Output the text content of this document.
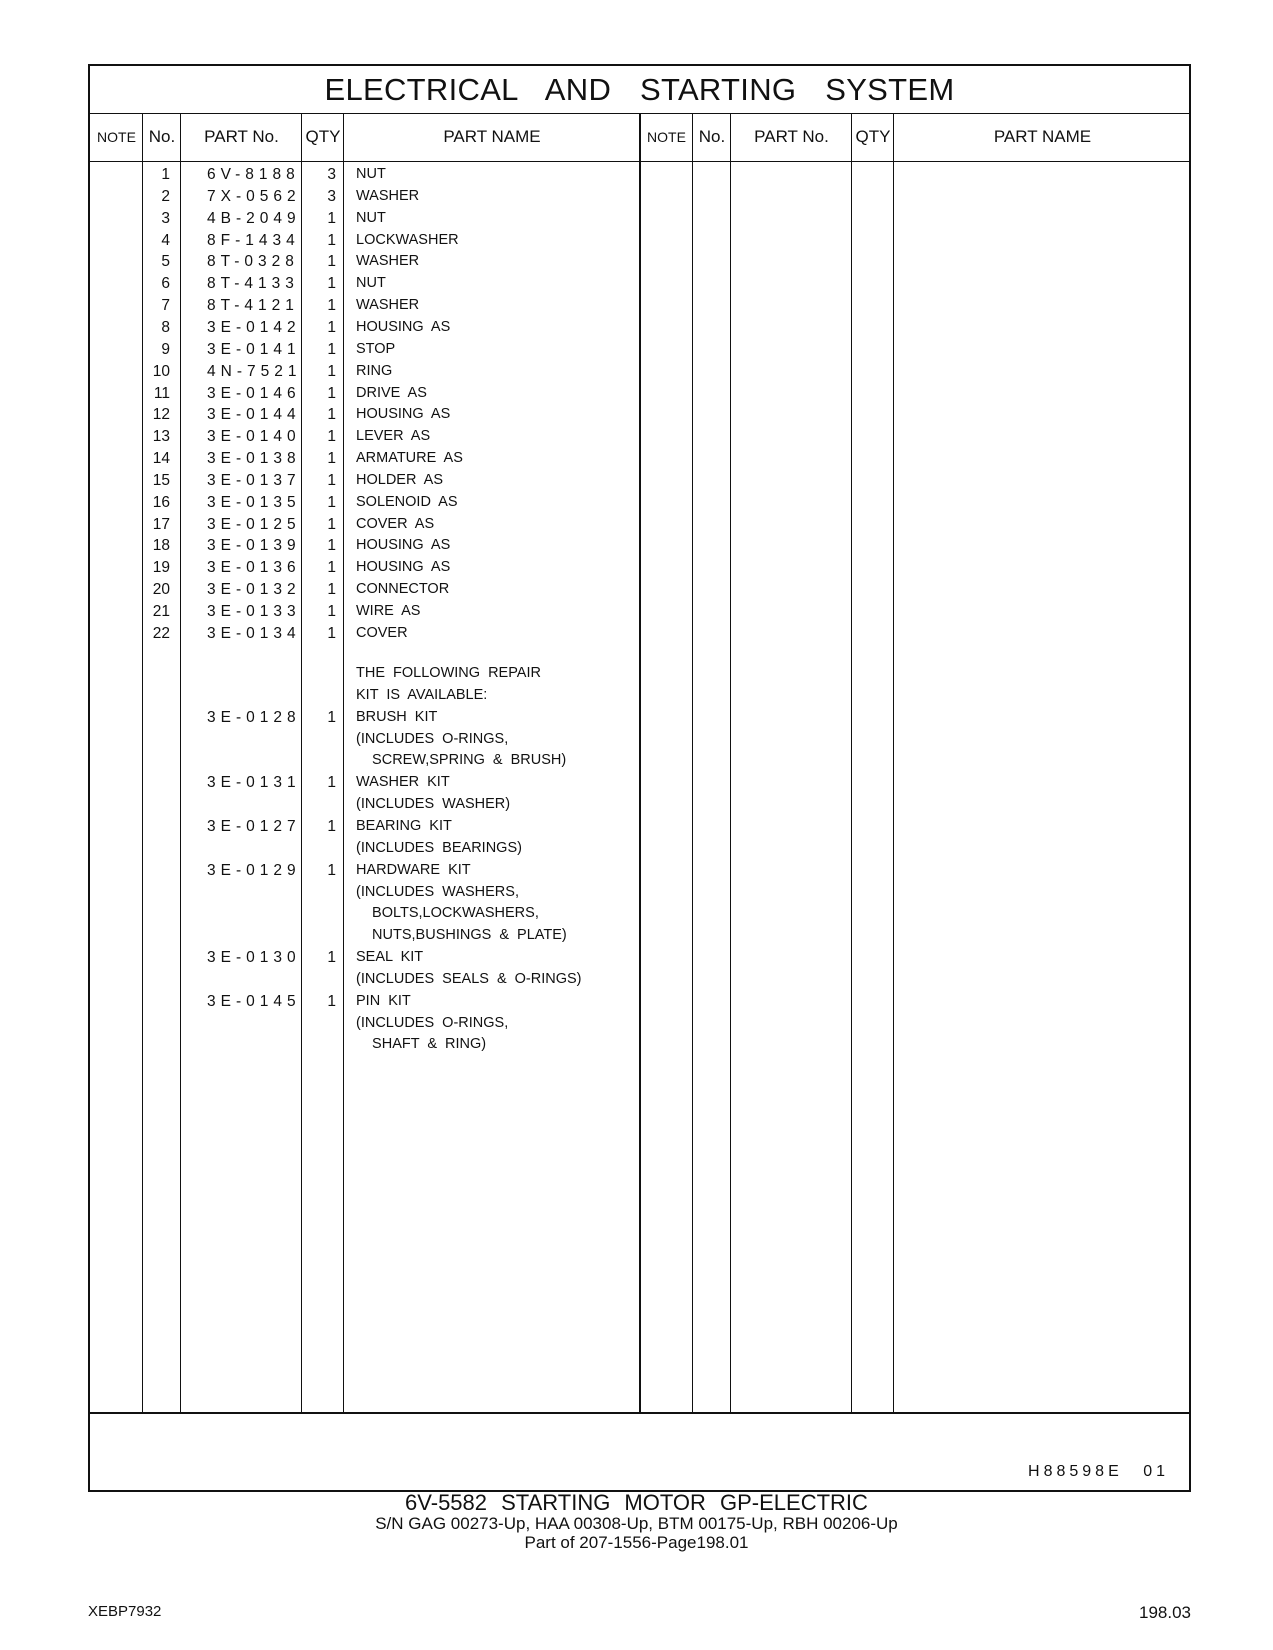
ELECTRICAL AND STARTING SYSTEM
NOTE No.	PART No.	QTY	PART NAME	NOTE No.	PART No.	QTY	PART NAME
H88598E 01
1 6V-8188	3 NUT
2 7X-0562	3 WASHER
3 4B-2049	1 NUT
4 8F-1434	1 LOCKWASHER
5 8T-0328	1 WASHER
6 8T-4133	1 NUT
7 8T-4121	1 WASHER
8 3E-0142	1 HOUSING AS
9 3E-0141	1 STOP
10 4N-7521	1 RING
11 3E-0146	1 DRIVE AS
12 3E-0144	1 HOUSING AS
13 3E-0140	1 LEVER AS
14 3E-0138	1 ARMATURE AS
15 3E-0137	1 HOLDER AS
16 3E-0135	1 SOLENOID AS
17 3E-0125	1 COVER AS
18 3E-0139	1 HOUSING AS
19 3E-0136	1 HOUSING AS
20 3E-0132	1 CONNECTOR
21 3E-0133	1 WIRE AS
22 3E-0134	1 COVER
THE FOLLOWING REPAIR
KIT IS AVAILABLE:
3E-0128	1 BRUSH KIT
(INCLUDES O-RINGS,
SCREW,SPRING & BRUSH)
3E-0131	1 WASHER KIT
(INCLUDES WASHER)
3E-0127	1 BEARING KIT
(INCLUDES BEARINGS)
3E-0129	1 HARDWARE KIT
(INCLUDES WASHERS,
BOLTS,LOCKWASHERS,
NUTS,BUSHINGS & PLATE)
3E-0130	1 SEAL KIT
(INCLUDES SEALS & O-RINGS)
3E-0145	1 PIN KIT
(INCLUDES O-RINGS,
SHAFT & RING)
6V-5582 STARTING MOTOR GP-ELECTRIC
S/N GAG 00273-Up, HAA 00308-Up, BTM 00175-Up, RBH 00206-Up
Part of 207-1556-Page198.01
XEBP7932	198.03
